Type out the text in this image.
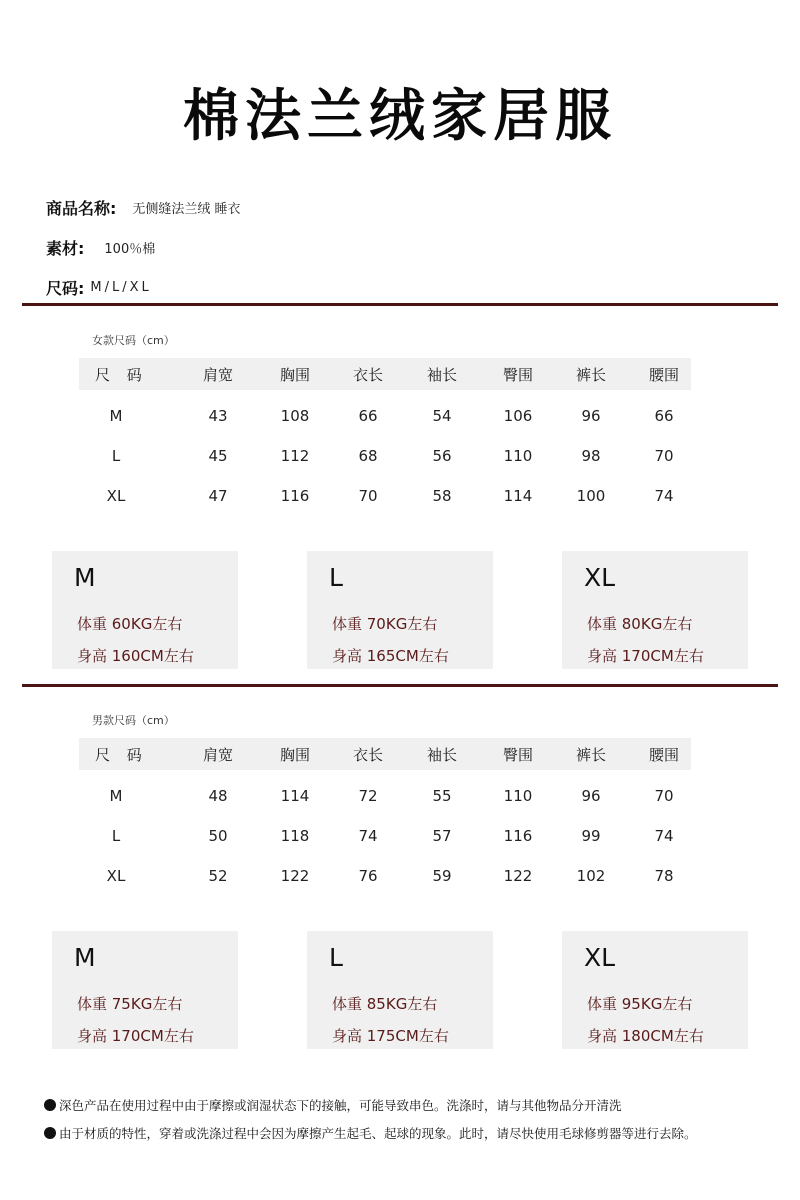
棉法兰绒家居服
商品名称: 无侧缝法兰绒 睡衣
素材: 100％棉
尺码: M/L/XL
女款尺码（cm）
尺 码	肩宽	胸围	衣长	袖长	臀围	裤长	腰围
M	43	108	66	54	106	96	66
L	45	112	68	56	110	98	70
XL	47	116	70	58	114	100	74
M
体重 60KG左右
身高 160CM左右
L
体重 70KG左右
身高 165CM左右
XL
体重 80KG左右
身高 170CM左右
男款尺码（cm）
尺 码	肩宽	胸围	衣长	袖长	臀围	裤长	腰围
M	48	114	72	55	110	96	70
L	50	118	74	57	116	99	74
XL	52	122	76	59	122	102	78
M
体重 75KG左右
身高 170CM左右
L
体重 85KG左右
身高 175CM左右
XL
体重 95KG左右
身高 180CM左右
深色产品在使用过程中由于摩擦或润湿状态下的接触，可能导致串色。洗涤时，请与其他物品分开清洗
由于材质的特性，穿着或洗涤过程中会因为摩擦产生起毛、起球的现象。此时，请尽快使用毛球修剪器等进行去除。
